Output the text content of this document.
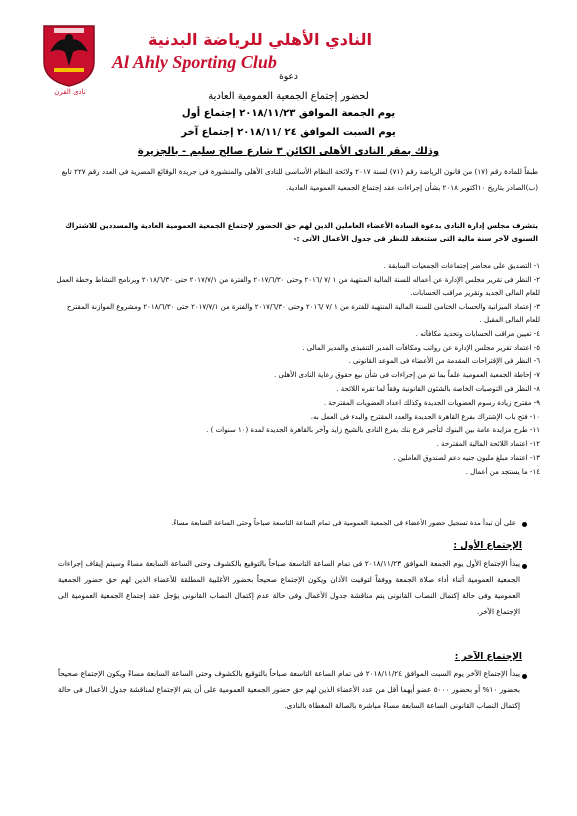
نادى القرن
النادي الأهلي للرياضة البدنية
Al Ahly Sporting Club
دعوة
لحضور إجتماع الجمعية العمومية العادية
يوم الجمعة الموافق ٢٠١٨/١١/٢٣ إجتماع أول
يوم السبت الموافق ٢٤ /٢٠١٨/١١ إجتماع آخر
وذلك بمقر النادى الأهلى الكائن ٣ شارع صالح سليم - بالجزيرة
طبقاً للمادة رقم (١٧) من قانون الرياضة رقم (٧١) لسنة ٢٠١٧ ولائحة النظام الأساسى للنادى الأهلى والمنشورة فى جريدة الوقائع المصرية فى العدد رقم ٢٢٧ تابع (ب)الصادر بتاريخ ١٠اكتوبر ٢٠١٨ بشأن إجراءات عقد إجتماع الجمعية العمومية العادية.
يتشرف مجلس إدارة النادى بدعوة السادة الأعضاء العاملين الذين لهم حق الحضور لإجتماع الجمعية العمومية العادية والمسددين للاشتراك السنوى لآخر سنة مالية التى ستنعقد للنظر فى جدول الأعمال الآتى :-
١- التصديق على محاضر إجتماعات الجمعيات السابقة .
٢- النظر فى تقرير مجلس الإدارة عن أعماله للسنة المالية المنتهية من ١ /٧ /٢٠١٦ وحتى ٢٠١٧/٦/٣٠ والفترة من ٢٠١٧/٧/١ حتى ٢٠١٨/٦/٣٠ وبرنامج النشاط وخطة العمل للعام المالى الجديد وتقرير مراقب الحسابات.
٣- إعتماد الميزانية والحساب الختامى للسنة المالية المنتهية للفترة من ١ /٧ /٢٠١٦ وحتى ٢٠١٧/٦/٣٠ والفترة من ٢٠١٧/٧/١ حتى ٢٠١٨/٦/٣٠ ومشروع الموازنة المقترح للعام المالى المقبل .
٤- تعيين مراقب الحسابات وتحديد مكافآته .
٥- اعتماد تقرير مجلس الإدارة عن رواتب ومكافآت المدير التنفيذى والمدير المالى .
٦- النظر فى الإقتراحات المقدمة من الأعضاء فى الموعد القانونى .
٧- إحاطة الجمعية العمومية علماً بما تم من إجراءات فى شأن بيع حقوق رعاية النادى الأهلى .
٨- النظر فى التوصيات الخاصة بالشئون القانونية وفقاً لما تقره اللائحة .
٩- مقترح زيادة رسوم العضويات الجديدة وكذلك اعداد العضويات المقترحة .
١٠- فتح باب الإشتراك بفرع القاهرة الجديدة والعدد المقترح والبدء فى العمل به.
١١- طرح مزايدة عامة بين البنوك لتأجير فرع بنك بفرع النادى بالشيخ زايد وآخر بالقاهرة الجديدة لمدة (١٠ سنوات ) .
١٢- اعتماد اللائحة المالية المقترحة .
١٣- اعتماد مبلغ مليون جنيه دعم لصندوق العاملين .
١٤- ما يستجد من أعمال .
على أن تبدأ مدة تسجيل حضور الأعضاء فى الجمعية العمومية فى تمام الساعة التاسعة صباحاً وحتى الساعة السابعة مساءً.
الإجتماع الأول :
يبدأ الإجتماع الأول يوم الجمعة الموافق ٢٠١٨/١١/٢٣ فى تمام الساعة التاسعة صباحاً بالتوقيع بالكشوف وحتى الساعة السابعة مساءً وسيتم إيقاف إجراءات الجمعية العمومية أثناء أداء صلاة الجمعة ووفقاً لتوقيت الأذان ويكون الإجتماع صحيحاً بحضور الأغلبية المطلقة للأعضاء الذين لهم حق حضور الجمعية العمومية وفى حالة إكتمال النصاب القانونى يتم مناقشة جدول الأعمال وفى حالة عدم إكتمال النصاب القانونى يؤجل عقد إجتماع الجمعية العمومية الى الإجتماع الآخر.
الإجتماع الآخر :
يبدأ الإجتماع الآخر يوم السبت الموافق ٢٠١٨/١١/٢٤ فى تمام الساعة التاسعة صباحاً بالتوقيع بالكشوف وحتى الساعة السابعة مساءً ويكون الإجتماع صحيحاً بحضور ١٠% أو بحضور ٥٠٠٠ عضو أيهما أقل من عدد الأعضاء الذين لهم حق حضور الجمعية العمومية على أن يتم الإجتماع لمناقشة جدول الأعمال فى حالة إكتمال النصاب القانونى الساعة السابعة مساءً مباشرة بالصالة المغطاة بالنادى.
